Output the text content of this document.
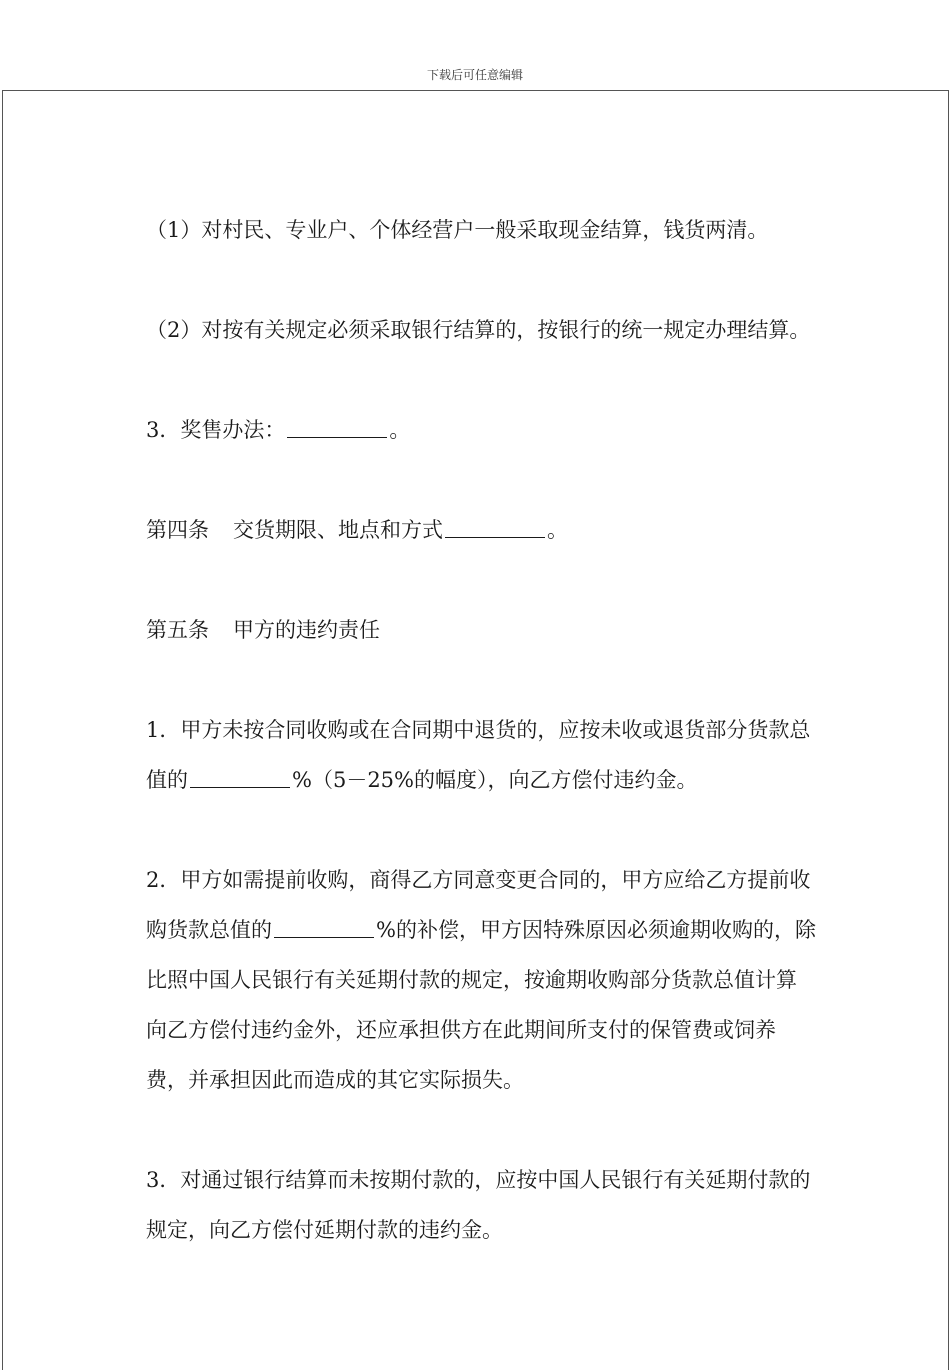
下载后可任意编辑

（1）对村民、专业户、个体经营户一般采取现金结算，钱货两清。

（2）对按有关规定必须采取银行结算的，按银行的统一规定办理结算。

3．奖售办法：	。

第四条 交货期限、地点和方式	。

第五条 甲方的违约责任

1．甲方未按合同收购或在合同期中退货的，应按未收或退货部分货款总值的	%（5－25%的幅度），向乙方偿付违约金。

2．甲方如需提前收购，商得乙方同意变更合同的，甲方应给乙方提前收购货款总值的	%的补偿，甲方因特殊原因必须逾期收购的，除比照中国人民银行有关延期付款的规定，按逾期收购部分货款总值计算向乙方偿付违约金外，还应承担供方在此期间所支付的保管费或饲养费，并承担因此而造成的其它实际损失。

3．对通过银行结算而未按期付款的，应按中国人民银行有关延期付款的规定，向乙方偿付延期付款的违约金。
